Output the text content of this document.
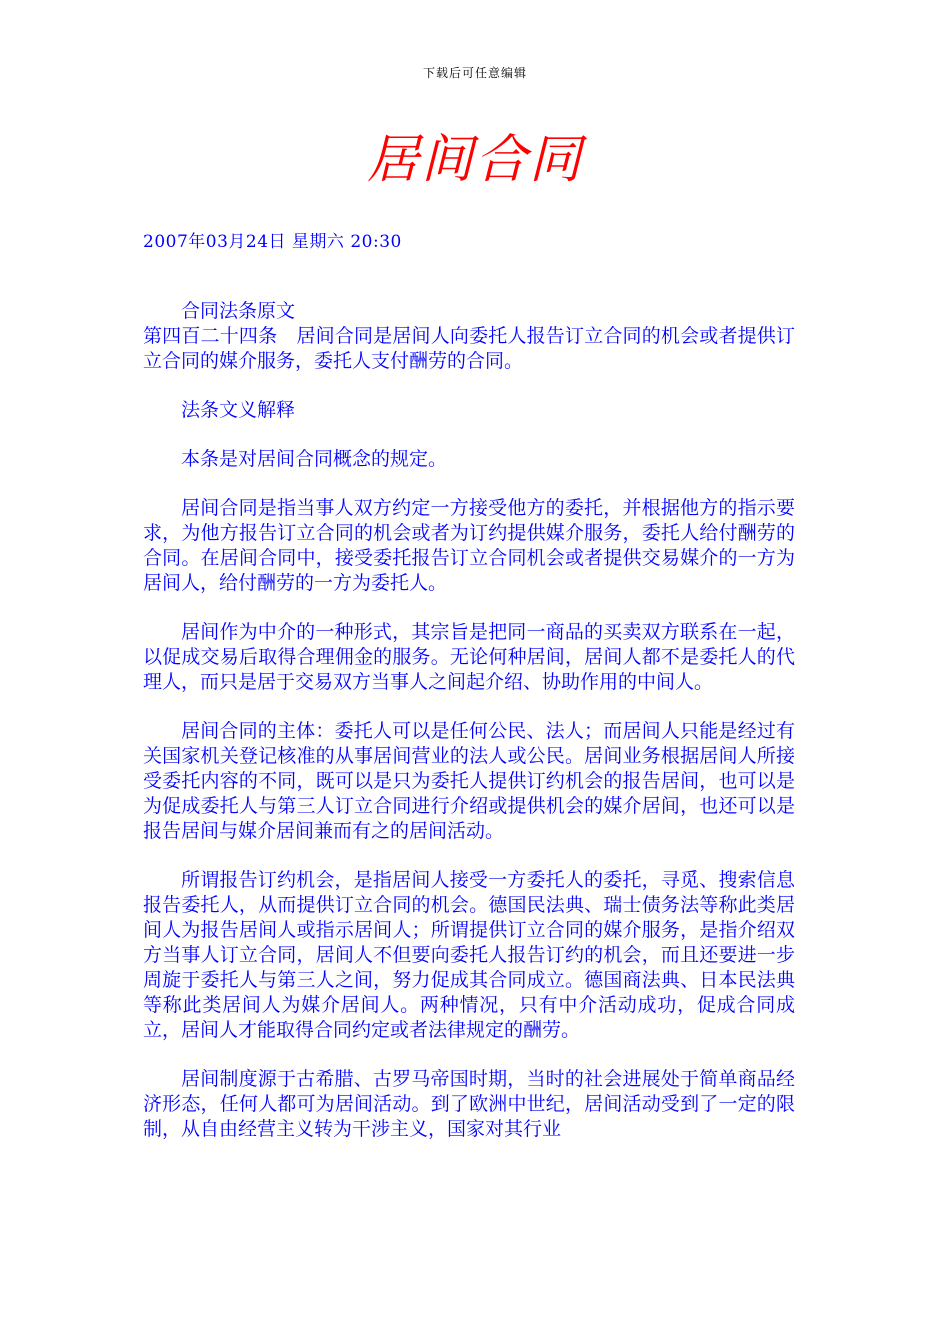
下载后可任意编辑
居间合同
2007年03月24日 星期六 20:30

合同法条原文

第四百二十四条　居间合同是居间人向委托人报告订立合同的机会或者提供订立合同的媒介服务，委托人支付酬劳的合同。

法条文义解释

本条是对居间合同概念的规定。

居间合同是指当事人双方约定一方接受他方的委托，并根据他方的指示要求，为他方报告订立合同的机会或者为订约提供媒介服务，委托人给付酬劳的合同。在居间合同中，接受委托报告订立合同机会或者提供交易媒介的一方为居间人，给付酬劳的一方为委托人。

居间作为中介的一种形式，其宗旨是把同一商品的买卖双方联系在一起，以促成交易后取得合理佣金的服务。无论何种居间，居间人都不是委托人的代理人，而只是居于交易双方当事人之间起介绍、协助作用的中间人。

居间合同的主体：委托人可以是任何公民、法人；而居间人只能是经过有关国家机关登记核准的从事居间营业的法人或公民。居间业务根据居间人所接受委托内容的不同，既可以是只为委托人提供订约机会的报告居间，也可以是为促成委托人与第三人订立合同进行介绍或提供机会的媒介居间，也还可以是报告居间与媒介居间兼而有之的居间活动。

所谓报告订约机会，是指居间人接受一方委托人的委托，寻觅、搜索信息报告委托人，从而提供订立合同的机会。德国民法典、瑞士债务法等称此类居间人为报告居间人或指示居间人；所谓提供订立合同的媒介服务，是指介绍双方当事人订立合同，居间人不但要向委托人报告订约的机会，而且还要进一步周旋于委托人与第三人之间，努力促成其合同成立。德国商法典、日本民法典等称此类居间人为媒介居间人。两种情况，只有中介活动成功，促成合同成立，居间人才能取得合同约定或者法律规定的酬劳。

居间制度源于古希腊、古罗马帝国时期，当时的社会进展处于简单商品经济形态，任何人都可为居间活动。到了欧洲中世纪，居间活动受到了一定的限制，从自由经营主义转为干涉主义，国家对其行业
